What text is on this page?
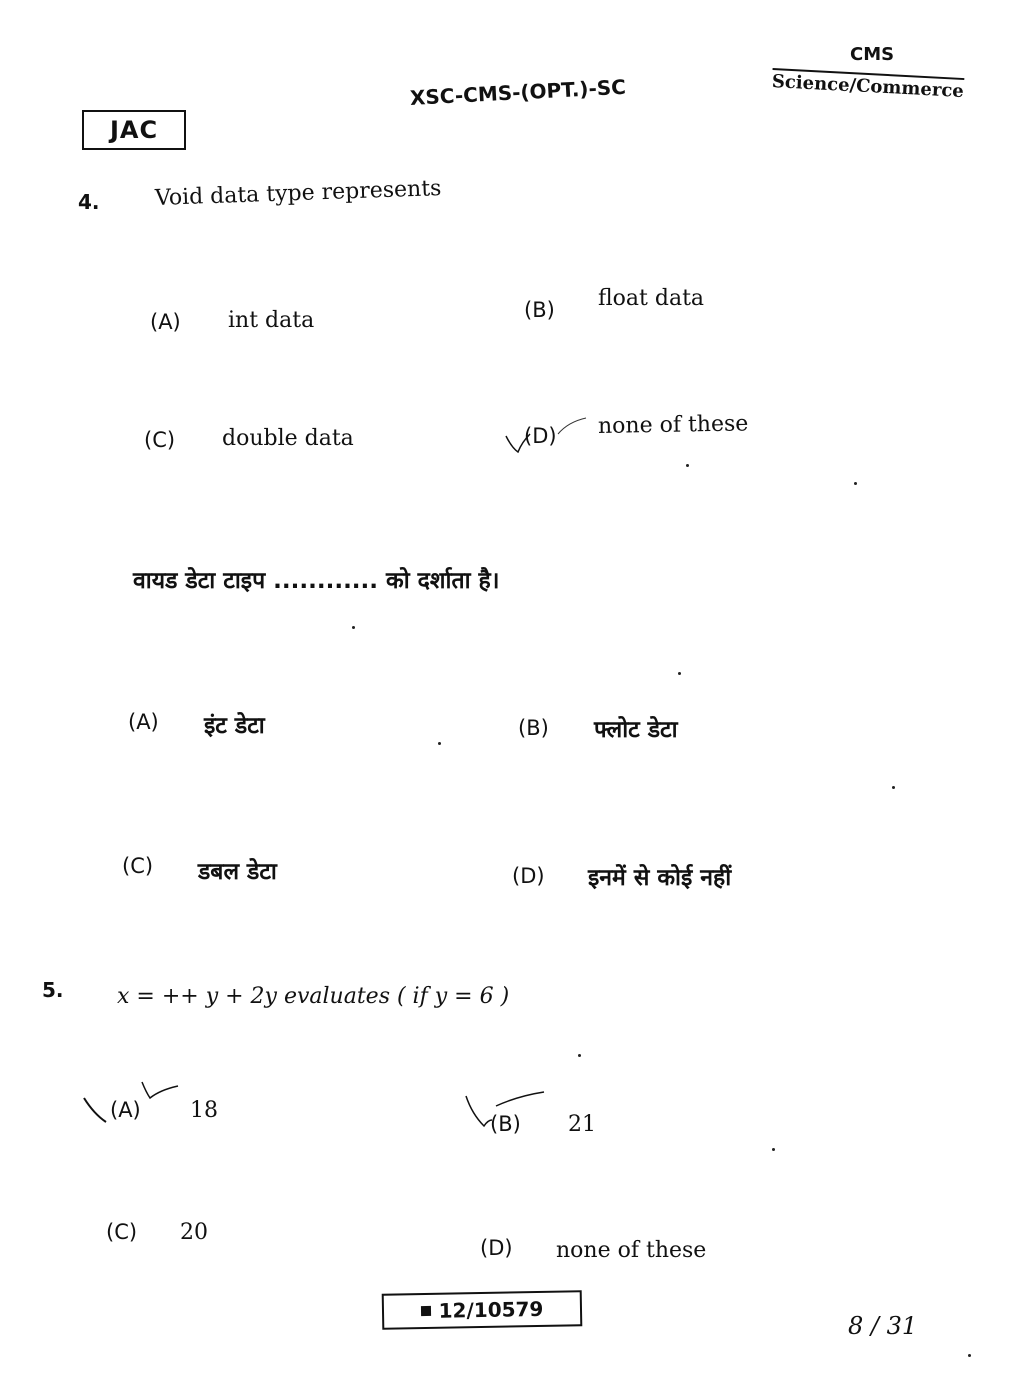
JAC
XSC-CMS-(OPT.)-SC
CMS
Science/Commerce
4.	Void data type represents
(A) int data	(B) float data
(C) double data	(D) none of these
वायड डेटा टाइप ............ को दर्शाता है।
(A) इंट डेटा	(B) फ्लोट डेटा
(C) डबल डेटा	(D) इनमें से कोई नहीं
5. x = ++ y + 2y evaluates ( if y = 6 )
(A) 18
(B) 21
(C) 20
(D) none of these
12/10579
8 / 31
